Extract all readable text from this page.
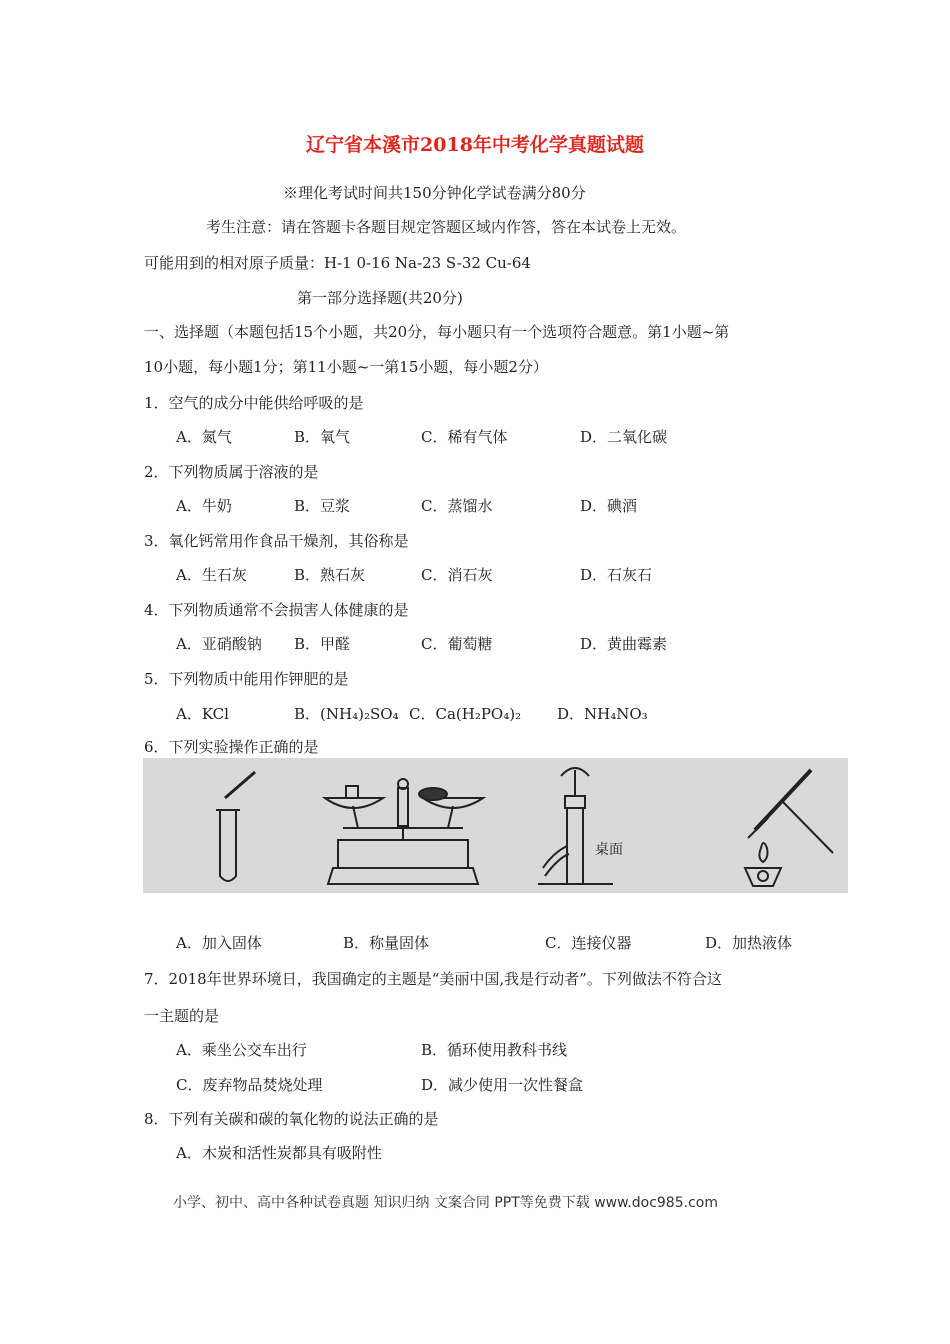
辽宁省本溪市2018年中考化学真题试题
※理化考试时间共150分钟化学试卷满分80分
考生注意：请在答题卡各题目规定答题区域内作答，答在本试卷上无效。
可能用到的相对原子质量：H-1 0-16 Na-23 S-32 Cu-64
第一部分选择题(共20分)
一、选择题（本题包括15个小题，共20分，每小题只有一个选项符合题意。第1小题~第
10小题，每小题1分；第11小题~一第15小题，每小题2分）
1．空气的成分中能供给呼吸的是
A．氮气	B．氧气	C．稀有气体	D．二氧化碳
2．下列物质属于溶液的是
A．牛奶	B．豆浆	C．蒸馏水	D．碘酒
3．氧化钙常用作食品干燥剂，其俗称是
A．生石灰	B．熟石灰	C．消石灰	D．石灰石
4．下列物质通常不会损害人体健康的是
A．亚硝酸钠 B．甲醛	C．葡萄糖	D．黄曲霉素
5．下列物质中能用作钾肥的是
A．KCl	B．(NH₄)₂SO₄ C．Ca(H₂PO₄)₂ D．NH₄NO₃
6．下列实验操作正确的是
桌面
A．加入固体	B．称量固体	C．连接仪器	D．加热液体
7．2018年世界环境日，我国确定的主题是“美丽中国,我是行动者”。下列做法不符合这
一主题的是
A．乘坐公交车出行	B．循环使用教科书线
C．废弃物品焚烧处理	D．减少使用一次性餐盒
8．下列有关碳和碳的氧化物的说法正确的是
A．木炭和活性炭都具有吸附性
小学、初中、高中各种试卷真题 知识归纳 文案合同 PPT等免费下载 www.doc985.com
